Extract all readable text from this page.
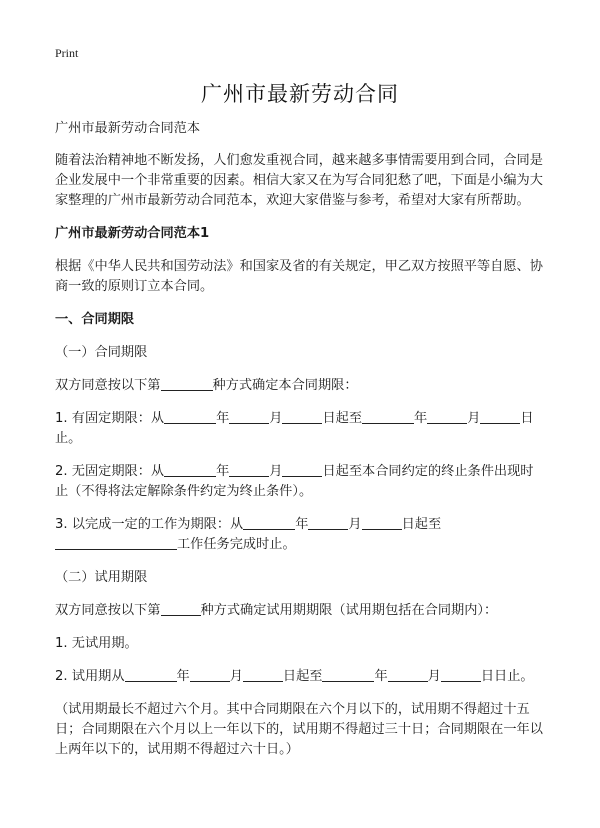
Print
广州市最新劳动合同

广州市最新劳动合同范本

随着法治精神地不断发扬，人们愈发重视合同，越来越多事情需要用到合同，合同是企业发展中一个非常重要的因素。相信大家又在为写合同犯愁了吧，下面是小编为大家整理的广州市最新劳动合同范本，欢迎大家借鉴与参考，希望对大家有所帮助。

广州市最新劳动合同范本1

根据《中华人民共和国劳动法》和国家及省的有关规定，甲乙双方按照平等自愿、协商一致的原则订立本合同。

一、合同期限

（一）合同期限

双方同意按以下第	种方式确定本合同期限：

1. 有固定期限：从	年	月	日起至	年	月	日止。

2. 无固定期限：从	年	月	日起至本合同约定的终止条件出现时止（不得将法定解除条件约定为终止条件）。

3. 以完成一定的工作为期限：从	年	月	日起至
工作任务完成时止。

（二）试用期限

双方同意按以下第	种方式确定试用期期限（试用期包括在合同期内）：

1. 无试用期。

2. 试用期从	年	月	日起至	年	月	日日止。

（试用期最长不超过六个月。其中合同期限在六个月以下的，试用期不得超过十五日；合同期限在六个月以上一年以下的，试用期不得超过三十日；合同期限在一年以上两年以下的，试用期不得超过六十日。）
